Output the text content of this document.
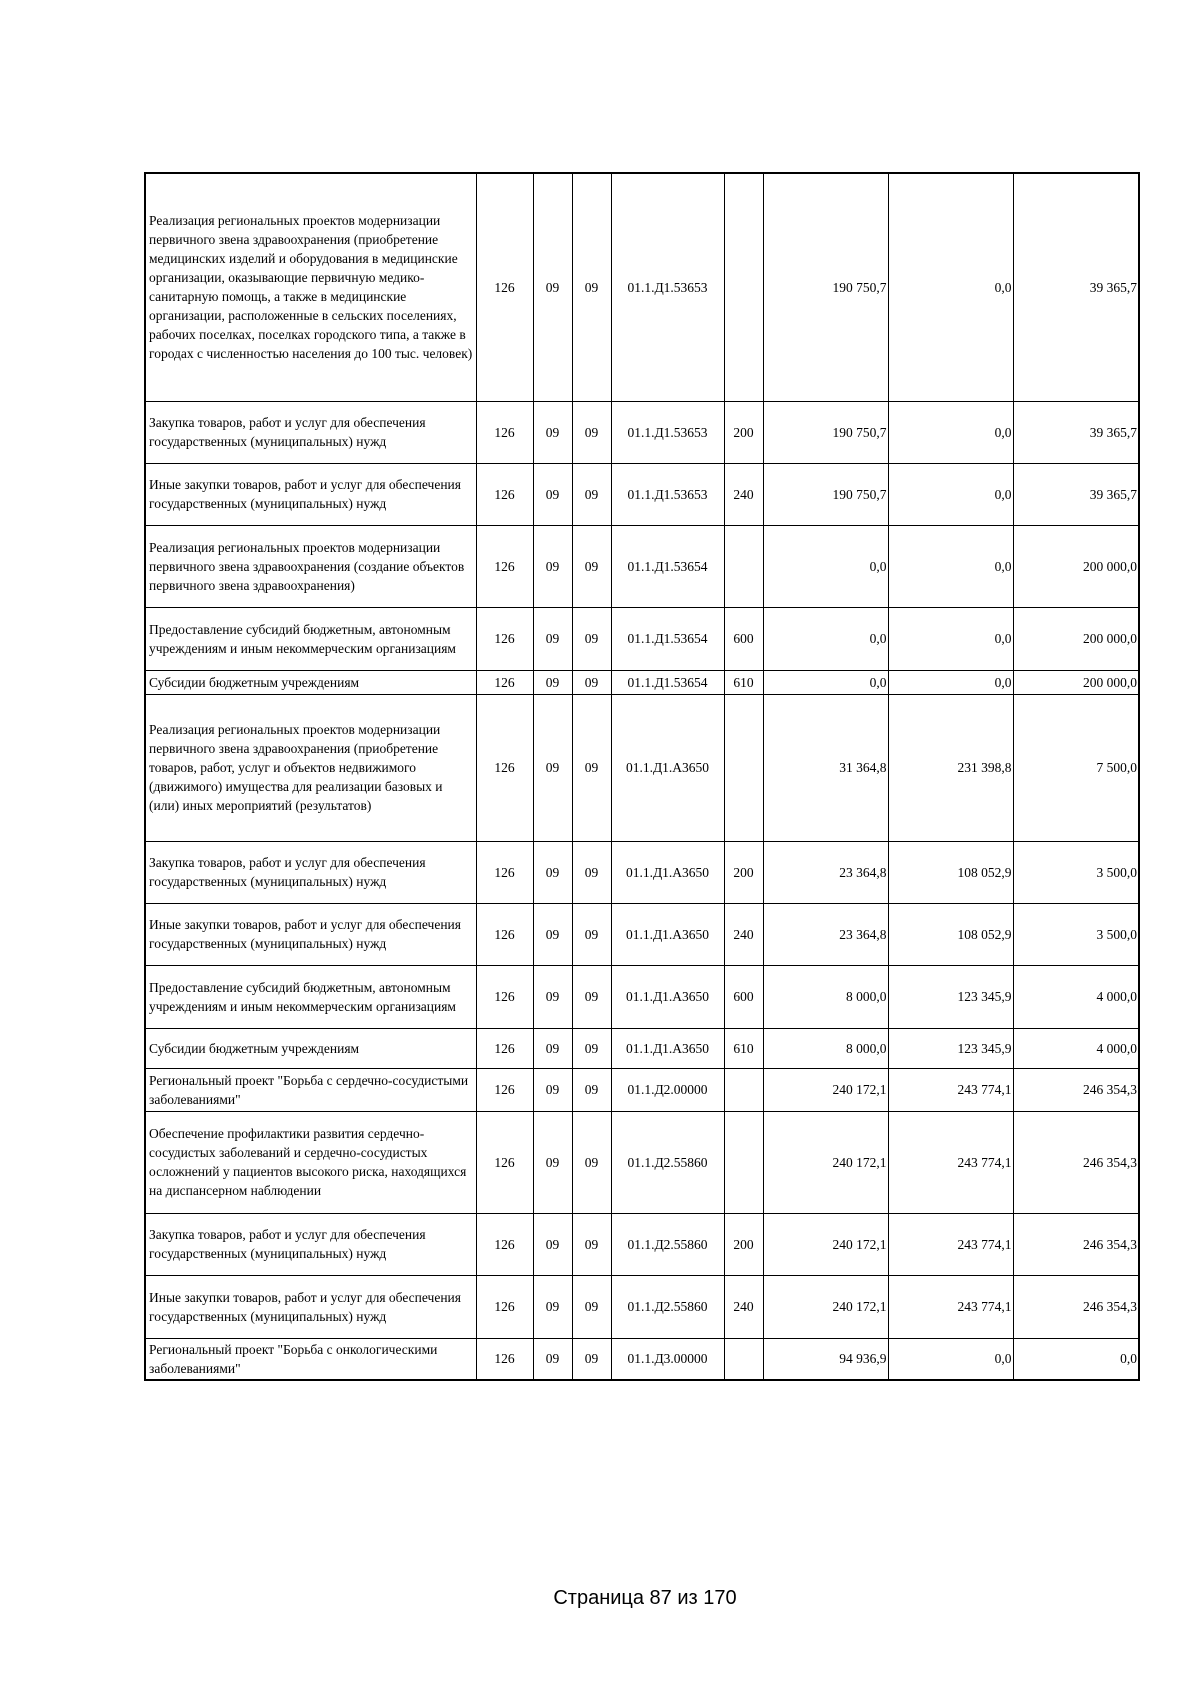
Реализация региональных проектов модернизации первичного звена здравоохранения (приобретение медицинских изделий и оборудования в медицинские организации, оказывающие первичную медико-санитарную помощь, а также в медицинские организации, расположенные в сельских поселениях, рабочих поселках, поселках городского типа, а также в городах с численностью населения до 100 тыс. человек)	126	09	09	01.1.Д1.53653		190 750,7	0,0	39 365,7
Закупка товаров, работ и услуг для обеспечения государственных (муниципальных) нужд	126	09	09	01.1.Д1.53653	200	190 750,7	0,0	39 365,7
Иные закупки товаров, работ и услуг для обеспечения государственных (муниципальных) нужд	126	09	09	01.1.Д1.53653	240	190 750,7	0,0	39 365,7
Реализация региональных проектов модернизации первичного звена здравоохранения (создание объектов первичного звена здравоохранения)	126	09	09	01.1.Д1.53654		0,0	0,0	200 000,0
Предоставление субсидий бюджетным, автономным учреждениям и иным некоммерческим организациям	126	09	09	01.1.Д1.53654	600	0,0	0,0	200 000,0
Субсидии бюджетным учреждениям	126	09	09	01.1.Д1.53654	610	0,0	0,0	200 000,0
Реализация региональных проектов модернизации первичного звена здравоохранения (приобретение товаров, работ, услуг и объектов недвижимого (движимого) имущества для реализации базовых и (или) иных мероприятий (результатов)	126	09	09	01.1.Д1.А3650		31 364,8	231 398,8	7 500,0
Закупка товаров, работ и услуг для обеспечения государственных (муниципальных) нужд	126	09	09	01.1.Д1.А3650	200	23 364,8	108 052,9	3 500,0
Иные закупки товаров, работ и услуг для обеспечения государственных (муниципальных) нужд	126	09	09	01.1.Д1.А3650	240	23 364,8	108 052,9	3 500,0
Предоставление субсидий бюджетным, автономным учреждениям и иным некоммерческим организациям	126	09	09	01.1.Д1.А3650	600	8 000,0	123 345,9	4 000,0
Субсидии бюджетным учреждениям	126	09	09	01.1.Д1.А3650	610	8 000,0	123 345,9	4 000,0
Региональный проект "Борьба с сердечно-сосудистыми заболеваниями"	126	09	09	01.1.Д2.00000		240 172,1	243 774,1	246 354,3
Обеспечение профилактики развития сердечно-сосудистых заболеваний и сердечно-сосудистых осложнений у пациентов высокого риска, находящихся на диспансерном наблюдении	126	09	09	01.1.Д2.55860		240 172,1	243 774,1	246 354,3
Закупка товаров, работ и услуг для обеспечения государственных (муниципальных) нужд	126	09	09	01.1.Д2.55860	200	240 172,1	243 774,1	246 354,3
Иные закупки товаров, работ и услуг для обеспечения государственных (муниципальных) нужд	126	09	09	01.1.Д2.55860	240	240 172,1	243 774,1	246 354,3
Региональный проект "Борьба с онкологическими заболеваниями"	126	09	09	01.1.Д3.00000		94 936,9	0,0	0,0
Страница 87 из 170
